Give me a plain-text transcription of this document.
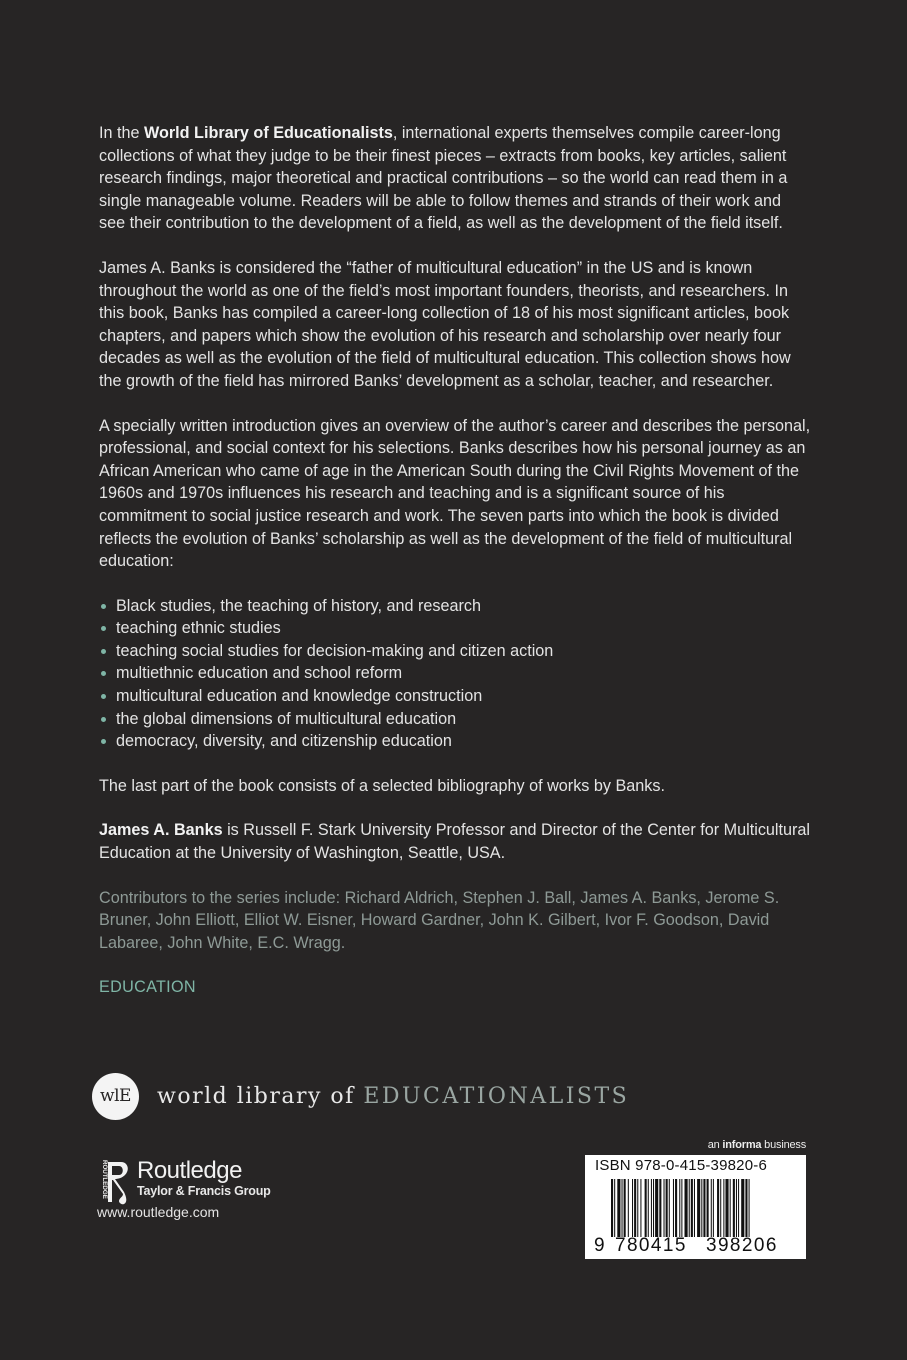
In the World Library of Educationalists, international experts themselves compile career-long collections of what they judge to be their finest pieces – extracts from books, key articles, salient research findings, major theoretical and practical contributions – so the world can read them in a single manageable volume. Readers will be able to follow themes and strands of their work and see their contribution to the development of a field, as well as the development of the field itself.

James A. Banks is considered the “father of multicultural education” in the US and is known throughout the world as one of the field’s most important founders, theorists, and researchers. In this book, Banks has compiled a career-long collection of 18 of his most significant articles, book chapters, and papers which show the evolution of his research and scholarship over nearly four decades as well as the evolution of the field of multicultural education. This collection shows how the growth of the field has mirrored Banks’ development as a scholar, teacher, and researcher.

A specially written introduction gives an overview of the author’s career and describes the personal, professional, and social context for his selections. Banks describes how his personal journey as an African American who came of age in the American South during the Civil Rights Movement of the 1960s and 1970s influences his research and teaching and is a significant source of his commitment to social justice research and work. The seven parts into which the book is divided reflects the evolution of Banks’ scholarship as well as the development of the field of multicultural education:

Black studies, the teaching of history, and research
teaching ethnic studies
teaching social studies for decision-making and citizen action
multiethnic education and school reform
multicultural education and knowledge construction
the global dimensions of multicultural education
democracy, diversity, and citizenship education

The last part of the book consists of a selected bibliography of works by Banks.

James A. Banks is Russell F. Stark University Professor and Director of the Center for Multicultural Education at the University of Washington, Seattle, USA.

Contributors to the series include: Richard Aldrich, Stephen J. Ball, James A. Banks, Jerome S. Bruner, John Elliott, Elliot W. Eisner, Howard Gardner, John K. Gilbert, Ivor F. Goodson, David Labaree, John White, E.C. Wragg.

EDUCATION

wlE	world library of EDUCATIONALISTS
ROUTLEDGE Routledge
Taylor & Francis Group
www.routledge.com
an informa business
ISBN 978-0-415-39820-6
9 780415 398206
